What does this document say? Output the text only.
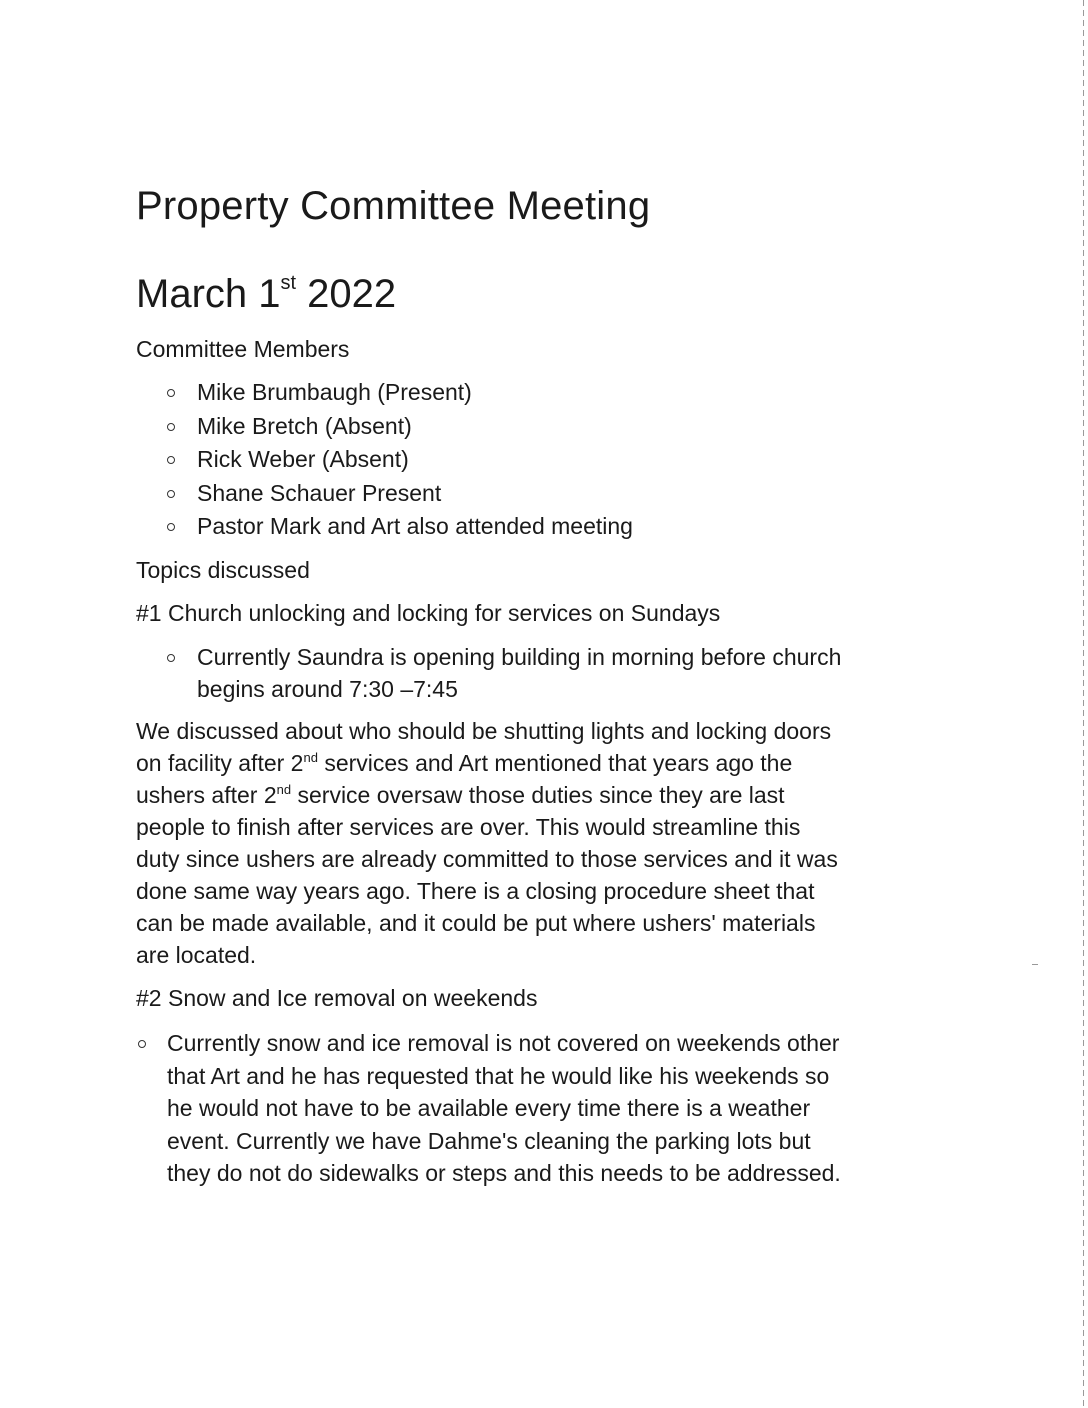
Property Committee Meeting
March 1st 2022
Committee Members
Mike Brumbaugh (Present)
Mike Bretch (Absent)
Rick Weber (Absent)
Shane Schauer Present
Pastor Mark and Art also attended meeting
Topics discussed
#1 Church unlocking and locking for services on Sundays
Currently Saundra is opening building in morning before church
begins around 7:30 –7:45
We discussed about who should be shutting lights and locking doors
on facility after 2nd services and Art mentioned that years ago the
ushers after 2nd service oversaw those duties since they are last
people to finish after services are over. This would streamline this
duty since ushers are already committed to those services and it was
done same way years ago. There is a closing procedure sheet that
can be made available, and it could be put where ushers' materials
are located.
#2 Snow and Ice removal on weekends
Currently snow and ice removal is not covered on weekends other
that Art and he has requested that he would like his weekends so
he would not have to be available every time there is a weather
event. Currently we have Dahme's cleaning the parking lots but
they do not do sidewalks or steps and this needs to be addressed.
